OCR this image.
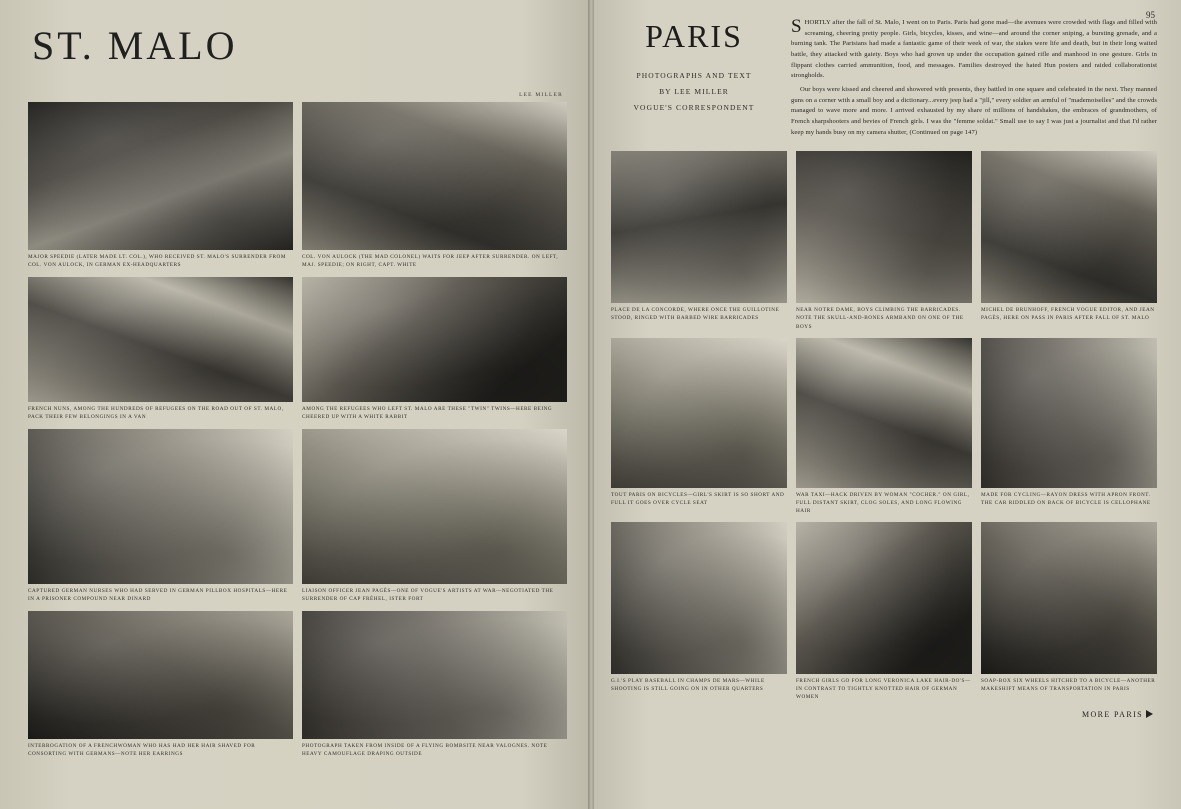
ST. MALO
LEE MILLER
MAJOR SPEEDIE (LATER MADE LT. COL.), WHO RECEIVED ST. MALO'S SURRENDER FROM COL. VON AULOCK, IN GERMAN EX-HEADQUARTERS
COL. VON AULOCK (THE MAD COLONEL) WAITS FOR JEEP AFTER SURRENDER. ON LEFT, MAJ. SPEEDIE; ON RIGHT, CAPT. WHITE
FRENCH NUNS, AMONG THE HUNDREDS OF REFUGEES ON THE ROAD OUT OF ST. MALO, PACK THEIR FEW BELONGINGS IN A VAN
AMONG THE REFUGEES WHO LEFT ST. MALO ARE THESE "TWIN" TWINS—HERE BEING CHEERED UP WITH A WHITE RABBIT
CAPTURED GERMAN NURSES WHO HAD SERVED IN GERMAN PILLBOX HOSPITALS—HERE IN A PRISONER COMPOUND NEAR DINARD
LIAISON OFFICER JEAN PAGÈS—ONE OF VOGUE'S ARTISTS AT WAR—NEGOTIATED THE SURRENDER OF CAP FRÉHEL, ISTER FORT
INTERROGATION OF A FRENCHWOMAN WHO HAS HAD HER HAIR SHAVED FOR CONSORTING WITH GERMANS—NOTE HER EARRINGS
PHOTOGRAPH TAKEN FROM INSIDE OF A FLYING BOMBSITE NEAR VALOGNES. NOTE HEAVY CAMOUFLAGE DRAPING OUTSIDE
PARIS
PHOTOGRAPHS AND TEXT
BY LEE MILLER
VOGUE'S CORRESPONDENT
95

SHORTLY after the fall of St. Malo, I went on to Paris. Paris had gone mad—the avenues were crowded with flags and filled with screaming, cheering pretty people. Girls, bicycles, kisses, and wine—and around the corner sniping, a bursting grenade, and a burning tank. The Parisians had made a fantastic game of their week of war, the stakes were life and death, but in their long waited battle, they attacked with gaiety. Boys who had grown up under the occupation gained rifle and manhood in one gesture. Girls in flippant clothes carried ammunition, food, and messages. Families destroyed the hated Hun posters and raided collaborationist strongholds.

Our boys were kissed and cheered and showered with presents, they battled in one square and celebrated in the next. They manned guns on a corner with a small boy and a dictionary...every jeep had a "jill," every soldier an armful of "mademoiselles" and the crowds managed to wave more and more. I arrived exhausted by my share of millions of handshakes, the embraces of grandmothers, of French sharpshooters and bevies of French girls. I was the "femme soldat." Small use to say I was just a journalist and that I'd rather keep my hands busy on my camera shutter, (Continued on page 147)

PLACE DE LA CONCORDE, WHERE ONCE THE GUILLOTINE STOOD, RINGED WITH BARBED WIRE BARRICADES
NEAR NOTRE DAME, BOYS CLIMBING THE BARRICADES. NOTE THE SKULL-AND-BONES ARMBAND ON ONE OF THE BOYS
MICHEL DE BRUNHOFF, FRENCH VOGUE EDITOR, AND JEAN PAGÈS, HERE ON PASS IN PARIS AFTER FALL OF ST. MALO
TOUT PARIS ON BICYCLES—GIRL'S SKIRT IS SO SHORT AND FULL IT GOES OVER CYCLE SEAT
WAR TAXI—HACK DRIVEN BY WOMAN "COCHER." ON GIRL, FULL DISTANT SKIRT, CLOG SOLES, AND LONG FLOWING HAIR
MADE FOR CYCLING—RAYON DRESS WITH APRON FRONT. THE CAR RIDDLED ON BACK OF BICYCLE IS CELLOPHANE
G.I.'S PLAY BASEBALL IN CHAMPS DE MARS—WHILE SHOOTING IS STILL GOING ON IN OTHER QUARTERS
FRENCH GIRLS GO FOR LONG VERONICA LAKE HAIR-DO'S—IN CONTRAST TO TIGHTLY KNOTTED HAIR OF GERMAN WOMEN
SOAP-BOX SIX WHEELS HITCHED TO A BICYCLE—ANOTHER MAKESHIFT MEANS OF TRANSPORTATION IN PARIS
MORE PARIS
